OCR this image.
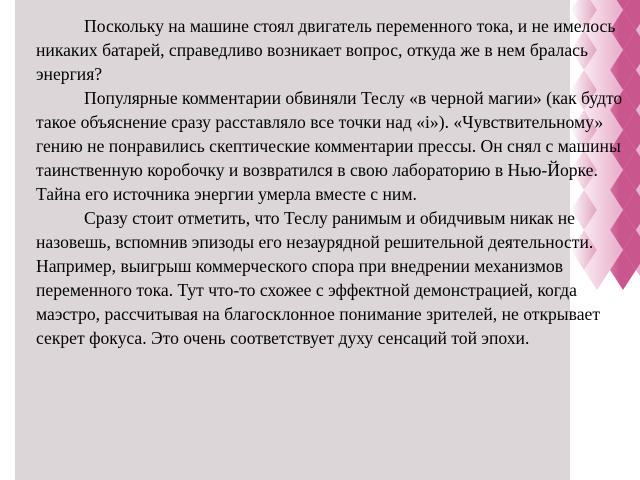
Поскольку на машине стоял двигатель переменного тока, и не имелось никаких батарей, справедливо возникает вопрос, откуда же в нем бралась энергия?

Популярные комментарии обвиняли Теслу «в черной магии» (как будто такое объяснение сразу расставляло все точки над «i»). «Чувствительному» гению не понравились скептические комментарии прессы. Он снял с машины таинственную коробочку и возвратился в свою лабораторию в Нью-Йорке. Тайна его источника энергии умерла вместе с ним.

Сразу стоит отметить, что Теслу ранимым и обидчивым никак не назовешь, вспомнив эпизоды его незаурядной решительной деятельности. Например, выигрыш коммерческого спора при внедрении механизмов переменного тока. Тут что-то схожее с эффектной демонстрацией, когда маэстро, рассчитывая на благосклонное понимание зрителей, не открывает секрет фокуса. Это очень соответствует духу сенсаций той эпохи.
